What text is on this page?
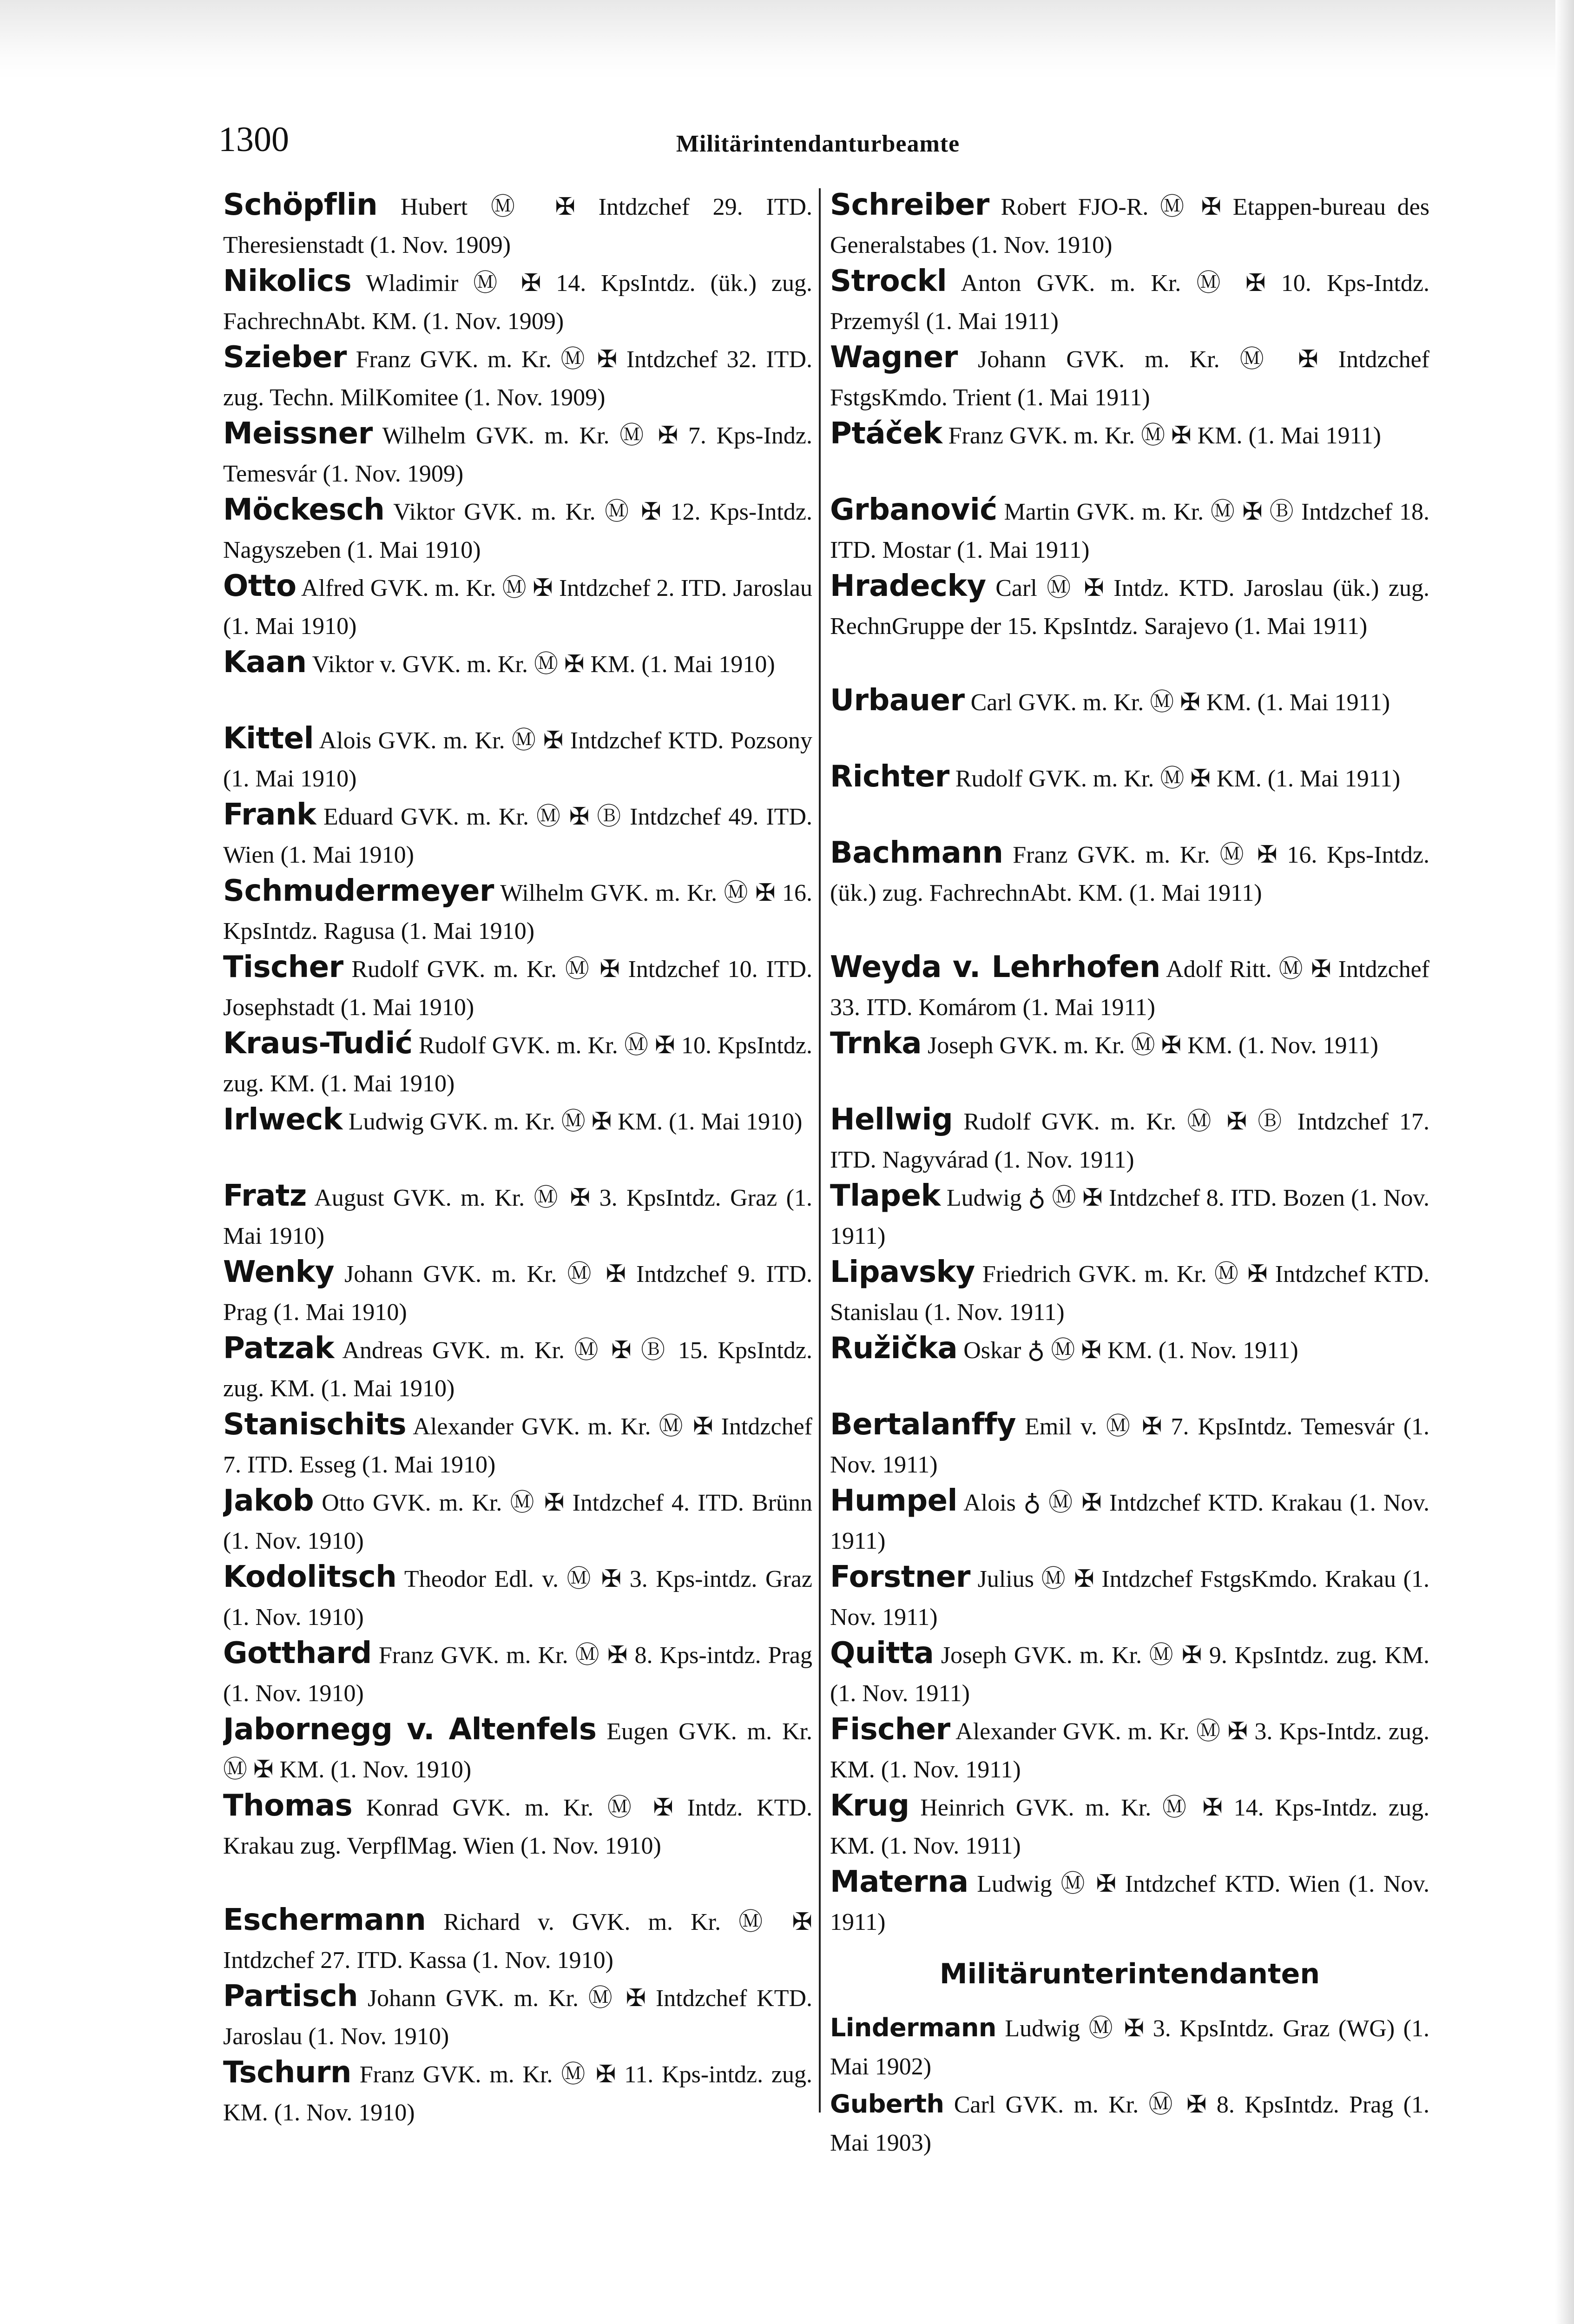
1300	Militärintendanturbeamte
Schöpflin Hubert Ⓜ ✠ Intdzchef 29. ITD. Theresienstadt (1. Nov. 1909)
Nikolics Wladimir Ⓜ ✠ 14. KpsIntdz. (ük.) zug. FachrechnAbt. KM. (1. Nov. 1909)
Szieber Franz GVK. m. Kr. Ⓜ ✠ Intdzchef 32. ITD. zug. Techn. MilKomitee (1. Nov. 1909)
Meissner Wilhelm GVK. m. Kr. Ⓜ ✠ 7. Kps-Indz. Temesvár (1. Nov. 1909)
Möckesch Viktor GVK. m. Kr. Ⓜ ✠ 12. Kps-Intdz. Nagyszeben (1. Mai 1910)
Otto Alfred GVK. m. Kr. Ⓜ ✠ Intdzchef 2. ITD. Jaroslau (1. Mai 1910)
Kaan Viktor v. GVK. m. Kr. Ⓜ ✠ KM. (1. Mai 1910)
Kittel Alois GVK. m. Kr. Ⓜ ✠ Intdzchef KTD. Pozsony (1. Mai 1910)
Frank Eduard GVK. m. Kr. Ⓜ ✠ Ⓑ Intdzchef 49. ITD. Wien (1. Mai 1910)
Schmudermeyer Wilhelm GVK. m. Kr. Ⓜ ✠ 16. KpsIntdz. Ragusa (1. Mai 1910)
Tischer Rudolf GVK. m. Kr. Ⓜ ✠ Intdzchef 10. ITD. Josephstadt (1. Mai 1910)
Kraus-Tudić Rudolf GVK. m. Kr. Ⓜ ✠ 10. KpsIntdz. zug. KM. (1. Mai 1910)
Irlweck Ludwig GVK. m. Kr. Ⓜ ✠ KM. (1. Mai 1910)
Fratz August GVK. m. Kr. Ⓜ ✠ 3. KpsIntdz. Graz (1. Mai 1910)
Wenky Johann GVK. m. Kr. Ⓜ ✠ Intdzchef 9. ITD. Prag (1. Mai 1910)
Patzak Andreas GVK. m. Kr. Ⓜ ✠ Ⓑ 15. KpsIntdz. zug. KM. (1. Mai 1910)
Stanischits Alexander GVK. m. Kr. Ⓜ ✠ Intdzchef 7. ITD. Esseg (1. Mai 1910)
Jakob Otto GVK. m. Kr. Ⓜ ✠ Intdzchef 4. ITD. Brünn (1. Nov. 1910)
Kodolitsch Theodor Edl. v. Ⓜ ✠ 3. Kps-intdz. Graz (1. Nov. 1910)
Gotthard Franz GVK. m. Kr. Ⓜ ✠ 8. Kps-intdz. Prag (1. Nov. 1910)
Jabornegg v. Altenfels Eugen GVK. m. Kr. Ⓜ ✠ KM. (1. Nov. 1910)
Thomas Konrad GVK. m. Kr. Ⓜ ✠ Intdz. KTD. Krakau zug. VerpflMag. Wien (1. Nov. 1910)
Eschermann Richard v. GVK. m. Kr. Ⓜ ✠ Intdzchef 27. ITD. Kassa (1. Nov. 1910)
Partisch Johann GVK. m. Kr. Ⓜ ✠ Intdzchef KTD. Jaroslau (1. Nov. 1910)
Tschurn Franz GVK. m. Kr. Ⓜ ✠ 11. Kps-intdz. zug. KM. (1. Nov. 1910)
Schreiber Robert FJO-R. Ⓜ ✠ Etappen-bureau des Generalstabes (1. Nov. 1910)
Strockl Anton GVK. m. Kr. Ⓜ ✠ 10. Kps-Intdz. Przemyśl (1. Mai 1911)
Wagner Johann GVK. m. Kr. Ⓜ ✠ Intdzchef FstgsKmdo. Trient (1. Mai 1911)
Ptáček Franz GVK. m. Kr. Ⓜ ✠ KM. (1. Mai 1911)
Grbanović Martin GVK. m. Kr. Ⓜ ✠ Ⓑ Intdzchef 18. ITD. Mostar (1. Mai 1911)
Hradecky Carl Ⓜ ✠ Intdz. KTD. Jaroslau (ük.) zug. RechnGruppe der 15. KpsIntdz. Sarajevo (1. Mai 1911)
Urbauer Carl GVK. m. Kr. Ⓜ ✠ KM. (1. Mai 1911)
Richter Rudolf GVK. m. Kr. Ⓜ ✠ KM. (1. Mai 1911)
Bachmann Franz GVK. m. Kr. Ⓜ ✠ 16. Kps-Intdz. (ük.) zug. FachrechnAbt. KM. (1. Mai 1911)
Weyda v. Lehrhofen Adolf Ritt. Ⓜ ✠ Intdzchef 33. ITD. Komárom (1. Mai 1911)
Trnka Joseph GVK. m. Kr. Ⓜ ✠ KM. (1. Nov. 1911)
Hellwig Rudolf GVK. m. Kr. Ⓜ ✠ Ⓑ Intdzchef 17. ITD. Nagyvárad (1. Nov. 1911)
Tlapek Ludwig ♁ Ⓜ ✠ Intdzchef 8. ITD. Bozen (1. Nov. 1911)
Lipavsky Friedrich GVK. m. Kr. Ⓜ ✠ Intdzchef KTD. Stanislau (1. Nov. 1911)
Ružička Oskar ♁ Ⓜ ✠ KM. (1. Nov. 1911)
Bertalanffy Emil v. Ⓜ ✠ 7. KpsIntdz. Temesvár (1. Nov. 1911)
Humpel Alois ♁ Ⓜ ✠ Intdzchef KTD. Krakau (1. Nov. 1911)
Forstner Julius Ⓜ ✠ Intdzchef FstgsKmdo. Krakau (1. Nov. 1911)
Quitta Joseph GVK. m. Kr. Ⓜ ✠ 9. KpsIntdz. zug. KM. (1. Nov. 1911)
Fischer Alexander GVK. m. Kr. Ⓜ ✠ 3. Kps-Intdz. zug. KM. (1. Nov. 1911)
Krug Heinrich GVK. m. Kr. Ⓜ ✠ 14. Kps-Intdz. zug. KM. (1. Nov. 1911)
Materna Ludwig Ⓜ ✠ Intdzchef KTD. Wien (1. Nov. 1911)
Militärunterintendanten
Lindermann Ludwig Ⓜ ✠ 3. KpsIntdz. Graz (WG) (1. Mai 1902)
Guberth Carl GVK. m. Kr. Ⓜ ✠ 8. KpsIntdz. Prag (1. Mai 1903)
